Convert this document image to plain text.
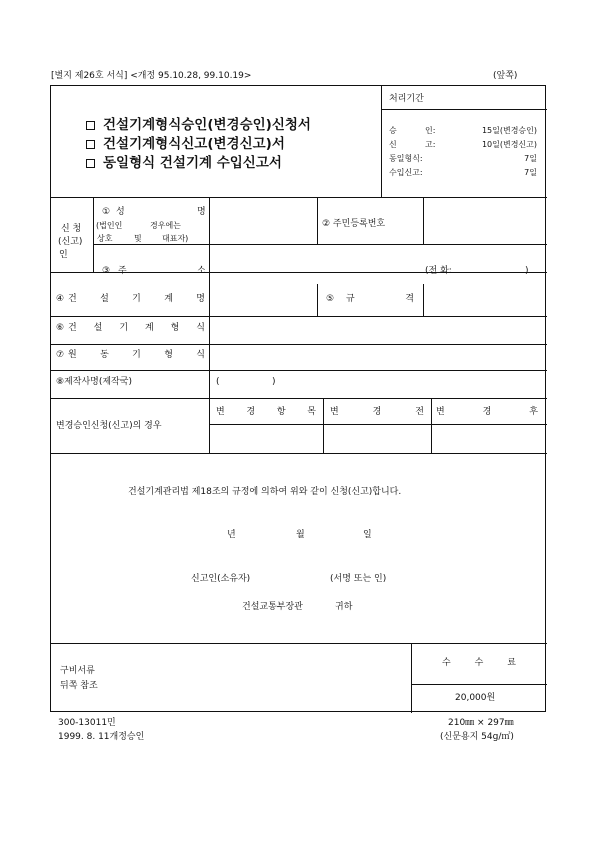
[별지 제26호 서식] <개정 95.10.28, 99.10.19>	(앞쪽)
건설기계형식승인(변경승인)신청서
건설기계형식신고(변경신고)서
동일형식 건설기계 수입신고서
처리기간
승	인:	15일(변경승인)
신	고:	10일(변경신고)
동일형식:	7일
수입신고:	7일
신 청
(신고)
인
① 성	명
(법인인	경우에는
상호	및	대표자)
② 주민등록번호
③ 주	소	(전 화:	)
④ 건	설	기	계	명	⑤ 규	격
⑥ 건 설 기 계 형 식
⑦ 원	동	기	형	식
⑧제작사명(제작국)	(	)
변경승인신청(신고)의 경우
변 경 항 목 변	경	전 변	경	후
건설기계관리법 제18조의 규정에 의하여 위와 같이 신청(신고)합니다.
년	월	일
신고인(소유자)	(서명 또는 인)
건설교통부장관	귀하
구비서류
뒤쪽 참조
수	수	료
20,000원
300-13011민
1999. 8. 11개정승인
210㎜ × 297㎜
(신문용지 54g/㎡)
